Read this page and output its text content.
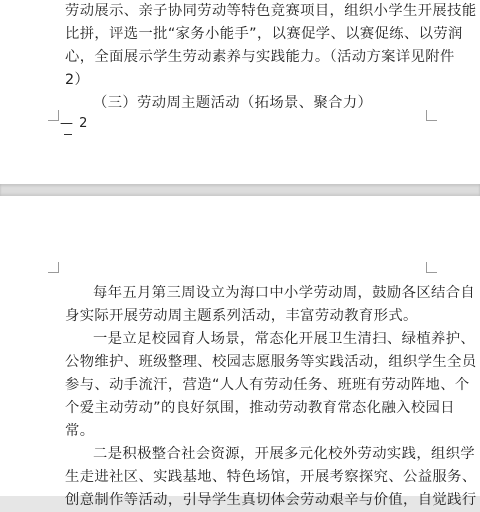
劳动展示、亲子协同劳动等特色竞赛项目，组织小学生开展技能
比拼，评选一批“家务小能手”，以赛促学、以赛促练、以劳润
心，全面展示学生劳动素养与实践能力。（活动方案详见附件
2）
（三）劳动周主题活动（拓场景、聚合力）
— 2
每年五月第三周设立为海口中小学劳动周，鼓励各区结合自
身实际开展劳动周主题系列活动，丰富劳动教育形式。
一是立足校园育人场景，常态化开展卫生清扫、绿植养护、
公物维护、班级整理、校园志愿服务等实践活动，组织学生全员
参与、动手流汗，营造“人人有劳动任务、班班有劳动阵地、个
个爱主动劳动”的良好氛围，推动劳动教育常态化融入校园日
常。
二是积极整合社会资源，开展多元化校外劳动实践，组织学
生走进社区、实践基地、特色场馆，开展考察探究、公益服务、
创意制作等活动，引导学生真切体会劳动艰辛与价值，自觉践行
